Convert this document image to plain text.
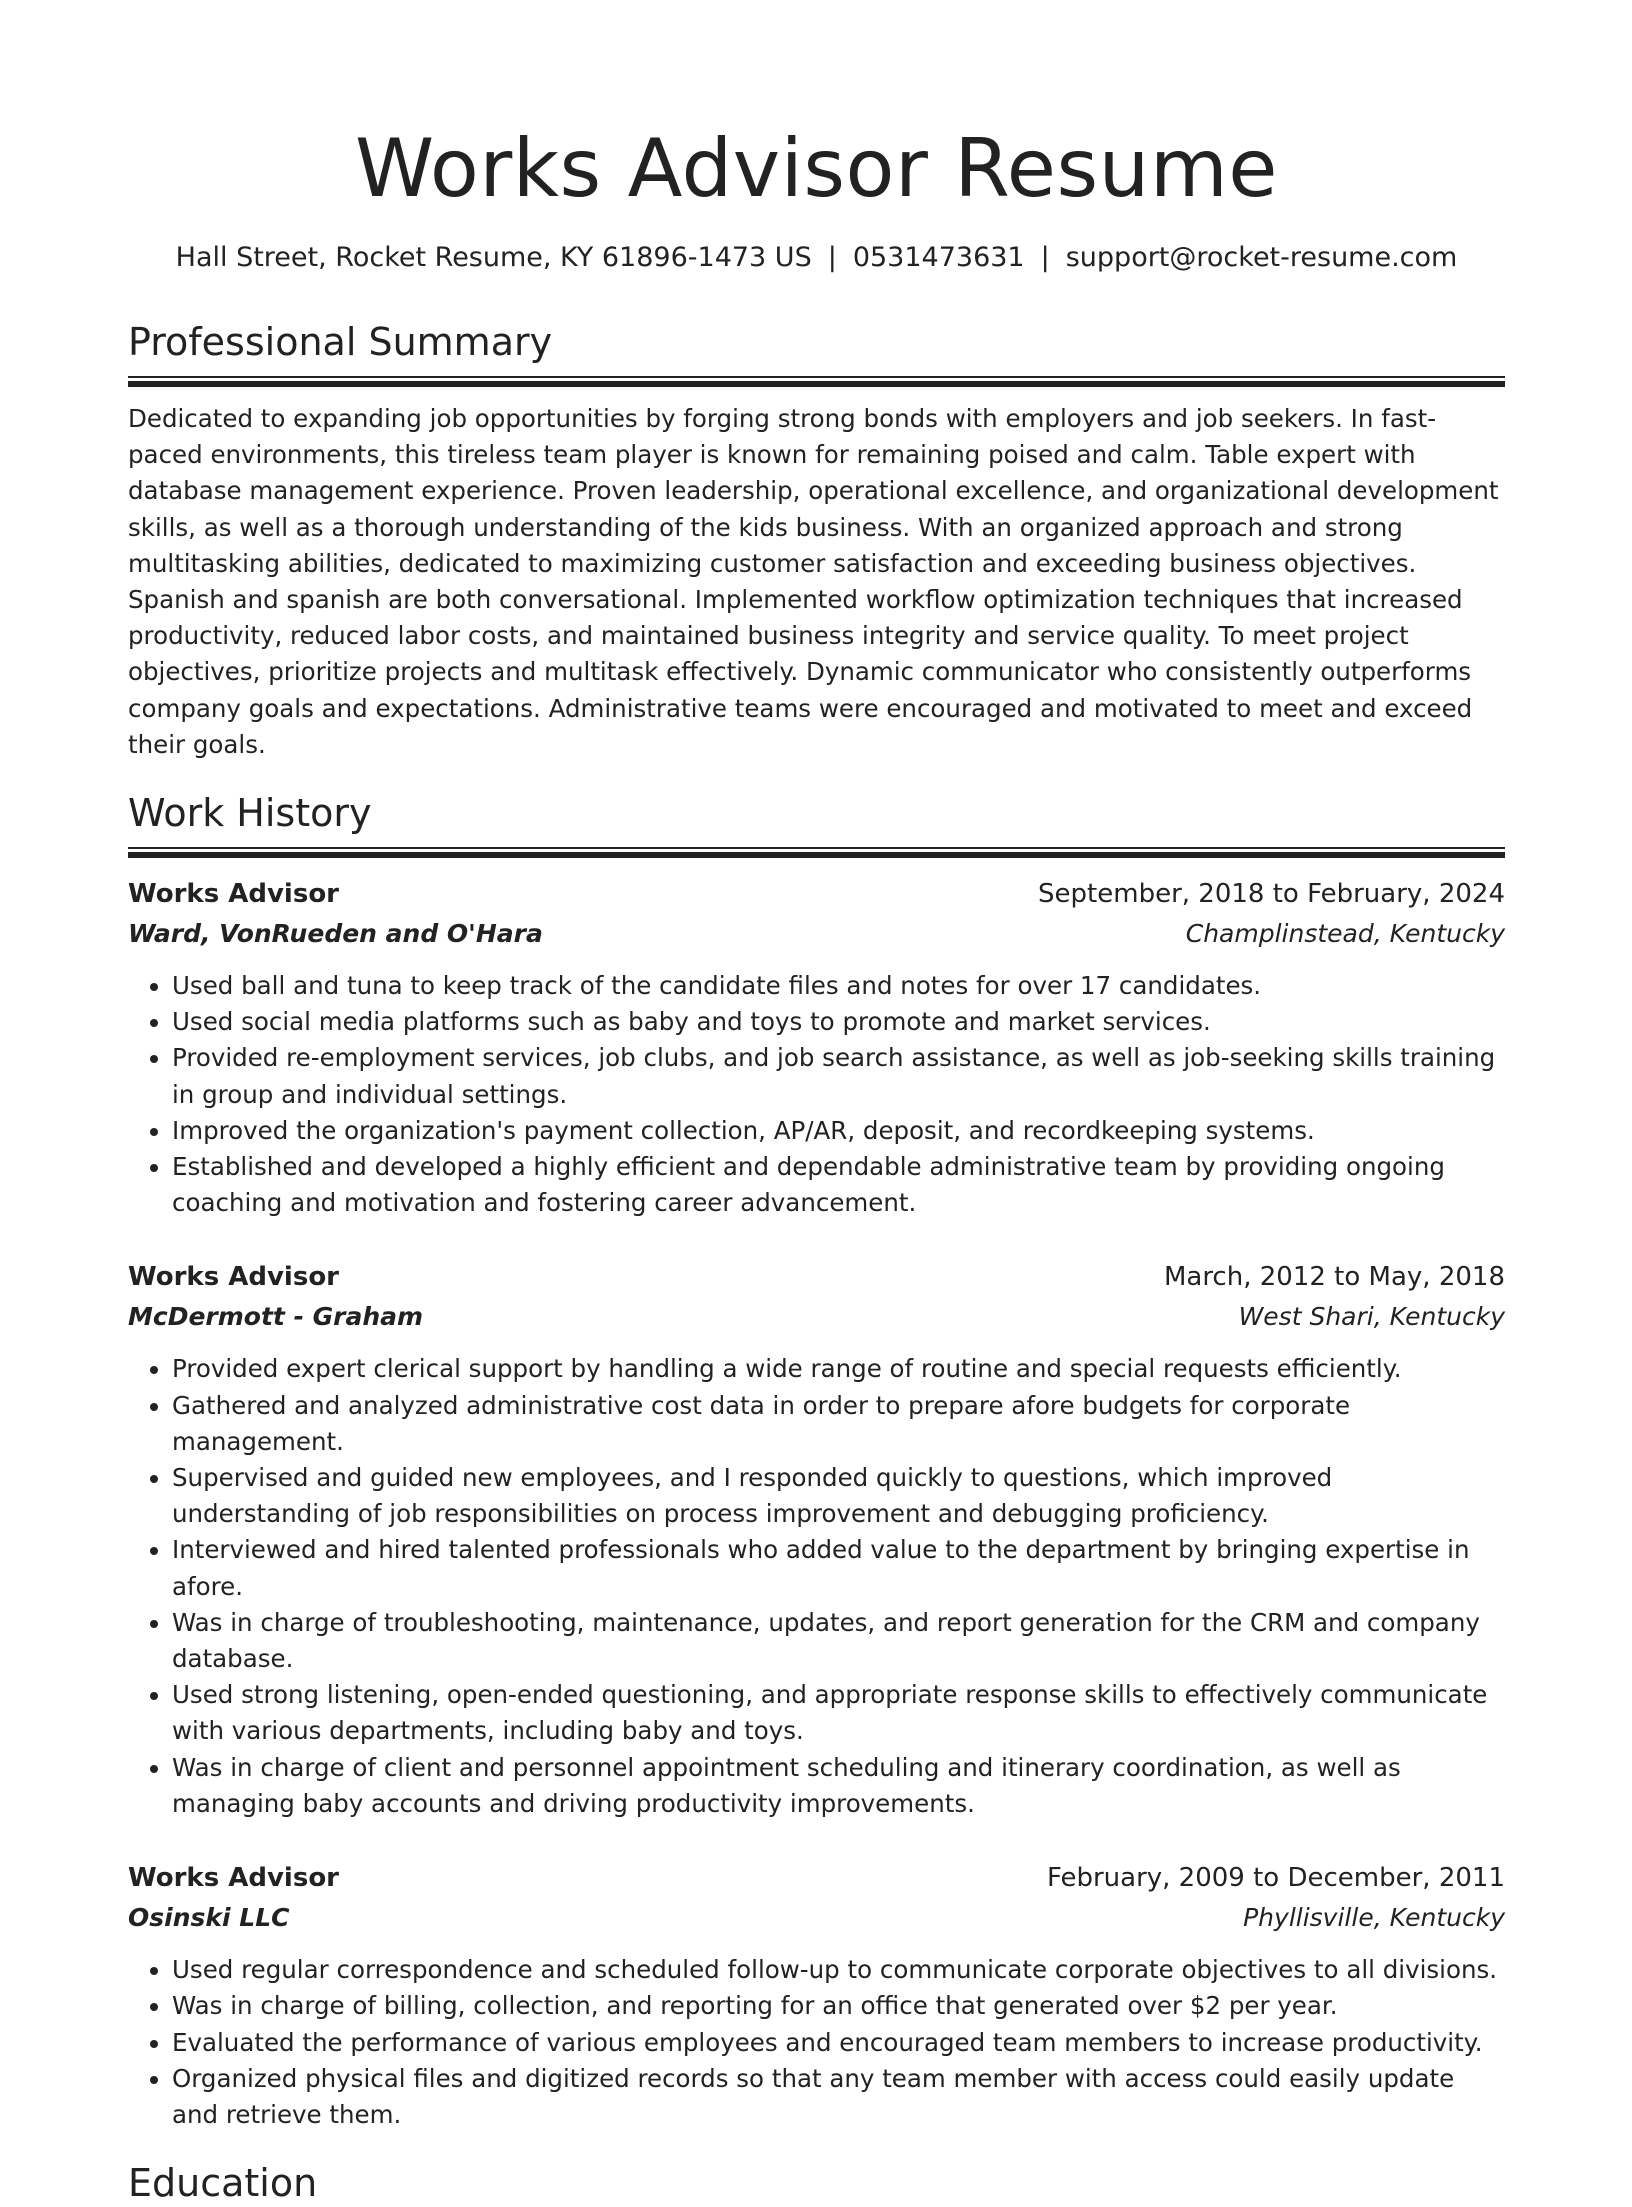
Works Advisor Resume
Hall Street, Rocket Resume, KY 61896-1473 US | 0531473631 | support@rocket-resume.com
Professional Summary

Dedicated to expanding job opportunities by forging strong bonds with employers and job seekers. In fast-paced environments, this tireless team player is known for remaining poised and calm. Table expert with database management experience. Proven leadership, operational excellence, and organizational development skills, as well as a thorough understanding of the kids business. With an organized approach and strong multitasking abilities, dedicated to maximizing customer satisfaction and exceeding business objectives. Spanish and spanish are both conversational. Implemented workflow optimization techniques that increased productivity, reduced labor costs, and maintained business integrity and service quality. To meet project objectives, prioritize projects and multitask effectively. Dynamic communicator who consistently outperforms company goals and expectations. Administrative teams were encouraged and motivated to meet and exceed their goals.

Work History
Works Advisor	September, 2018 to February, 2024
Ward, VonRueden and O'Hara	Champlinstead, Kentucky
• Used ball and tuna to keep track of the candidate files and notes for over 17 candidates.
• Used social media platforms such as baby and toys to promote and market services.
• Provided re-employment services, job clubs, and job search assistance, as well as job-seeking skills training in group and individual settings.
• Improved the organization's payment collection, AP/AR, deposit, and recordkeeping systems.
• Established and developed a highly efficient and dependable administrative team by providing ongoing coaching and motivation and fostering career advancement.
Works Advisor	March, 2012 to May, 2018
McDermott - Graham	West Shari, Kentucky
• Provided expert clerical support by handling a wide range of routine and special requests efficiently.
• Gathered and analyzed administrative cost data in order to prepare afore budgets for corporate management.
• Supervised and guided new employees, and I responded quickly to questions, which improved understanding of job responsibilities on process improvement and debugging proficiency.
• Interviewed and hired talented professionals who added value to the department by bringing expertise in afore.
• Was in charge of troubleshooting, maintenance, updates, and report generation for the CRM and company database.
• Used strong listening, open-ended questioning, and appropriate response skills to effectively communicate with various departments, including baby and toys.
• Was in charge of client and personnel appointment scheduling and itinerary coordination, as well as managing baby accounts and driving productivity improvements.
Works Advisor	February, 2009 to December, 2011
Osinski LLC	Phyllisville, Kentucky
• Used regular correspondence and scheduled follow-up to communicate corporate objectives to all divisions.
• Was in charge of billing, collection, and reporting for an office that generated over $2 per year.
• Evaluated the performance of various employees and encouraged team members to increase productivity.
• Organized physical files and digitized records so that any team member with access could easily update and retrieve them.
Education
